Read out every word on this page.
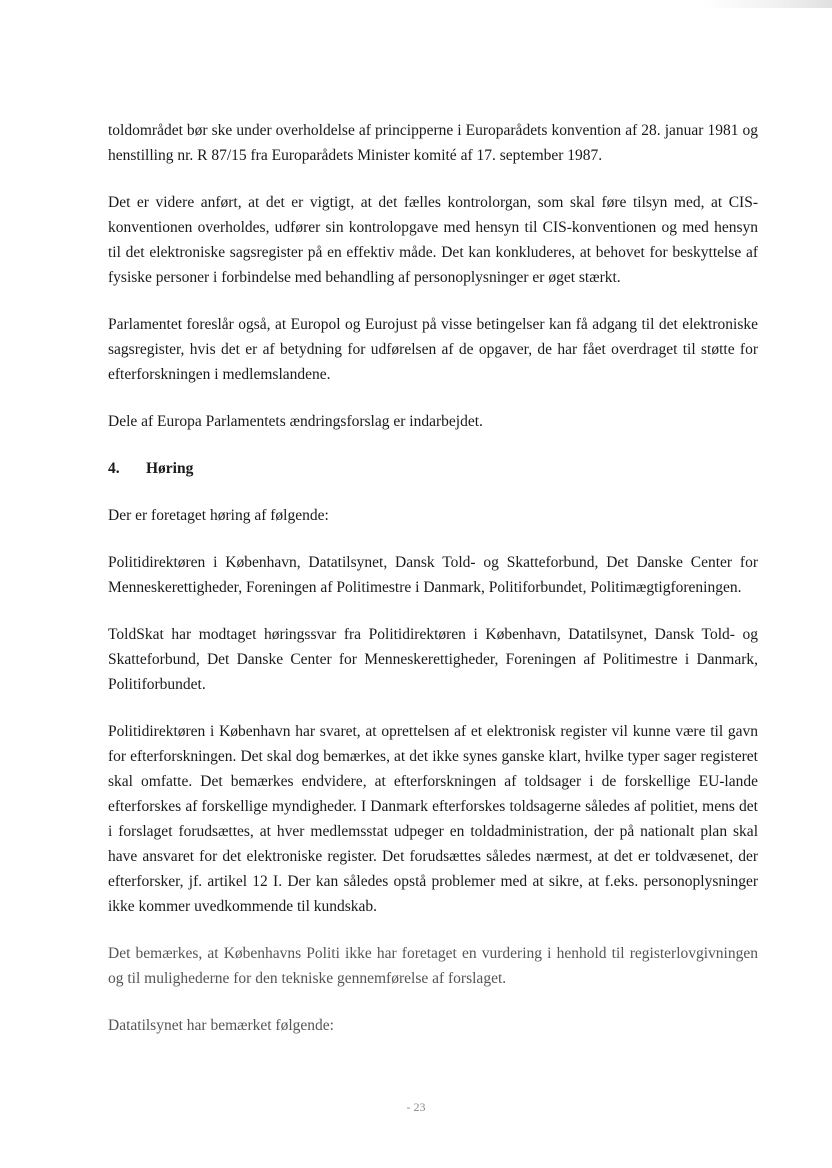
toldområdet bør ske under overholdelse af principperne i Europarådets konvention af 28. januar 1981 og henstilling nr. R 87/15 fra Europarådets Minister komité af 17. september 1987.

Det er videre anført, at det er vigtigt, at det fælles kontrolorgan, som skal føre tilsyn med, at CIS-konventionen overholdes, udfører sin kontrolopgave med hensyn til CIS-konventionen og med hensyn til det elektroniske sagsregister på en effektiv måde. Det kan konkluderes, at behovet for beskyttelse af fysiske personer i forbindelse med behandling af personoplysninger er øget stærkt.

Parlamentet foreslår også, at Europol og Eurojust på visse betingelser kan få adgang til det elektroniske sagsregister, hvis det er af betydning for udførelsen af de opgaver, de har fået overdraget til støtte for efterforskningen i medlemslandene.

Dele af Europa Parlamentets ændringsforslag er indarbejdet.

4. Høring

Der er foretaget høring af følgende:

Politidirektøren i København, Datatilsynet, Dansk Told- og Skatteforbund, Det Danske Center for Menneskerettigheder, Foreningen af Politimestre i Danmark, Politiforbundet, Politimægtigforeningen.

ToldSkat har modtaget høringssvar fra Politidirektøren i København, Datatilsynet, Dansk Told- og Skatteforbund, Det Danske Center for Menneskerettigheder, Foreningen af Politimestre i Danmark, Politiforbundet.

Politidirektøren i København har svaret, at oprettelsen af et elektronisk register vil kunne være til gavn for efterforskningen. Det skal dog bemærkes, at det ikke synes ganske klart, hvilke typer sager registeret skal omfatte. Det bemærkes endvidere, at efterforskningen af toldsager i de forskellige EU-lande efterforskes af forskellige myndigheder. I Danmark efterforskes toldsagerne således af politiet, mens det i forslaget forudsættes, at hver medlemsstat udpeger en toldadministration, der på nationalt plan skal have ansvaret for det elektroniske register. Det forudsættes således nærmest, at det er toldvæsenet, der efterforsker, jf. artikel 12 I. Der kan således opstå problemer med at sikre, at f.eks. personoplysninger ikke kommer uvedkommende til kundskab.

Det bemærkes, at Københavns Politi ikke har foretaget en vurdering i henhold til registerlovgivningen og til mulighederne for den tekniske gennemførelse af forslaget.

Datatilsynet har bemærket følgende:

- 23
